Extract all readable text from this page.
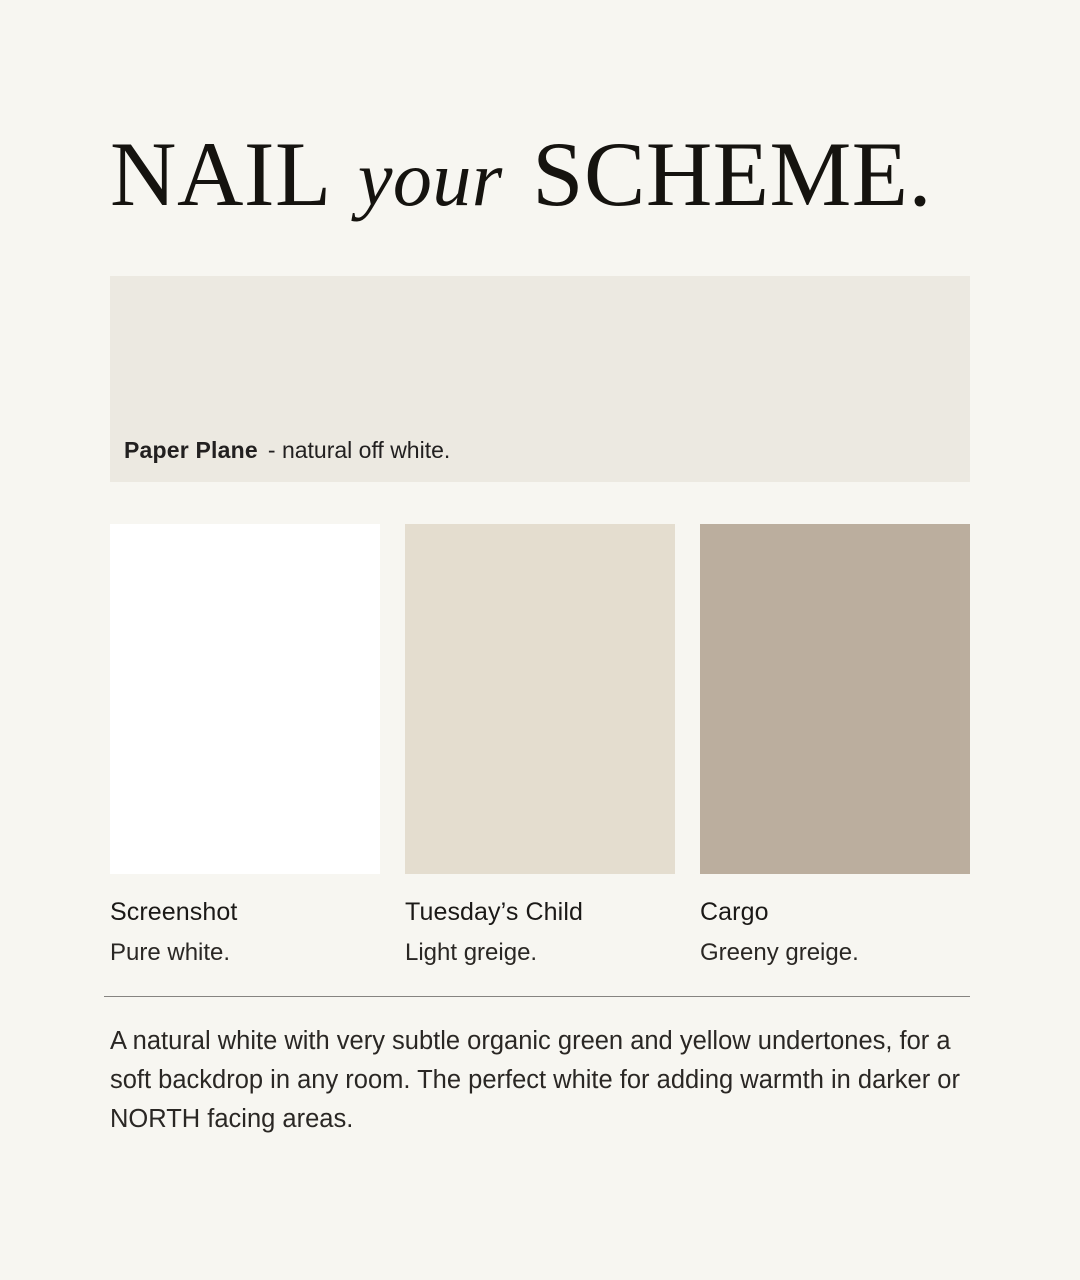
NAIL your SCHEME.
Paper Plane - natural off white.
Screenshot
Pure white.
Tuesday’s Child
Light greige.
Cargo
Greeny greige.
A natural white with very subtle organic green and yellow undertones, for a soft backdrop in any room. The perfect white for adding warmth in darker or NORTH facing areas.
